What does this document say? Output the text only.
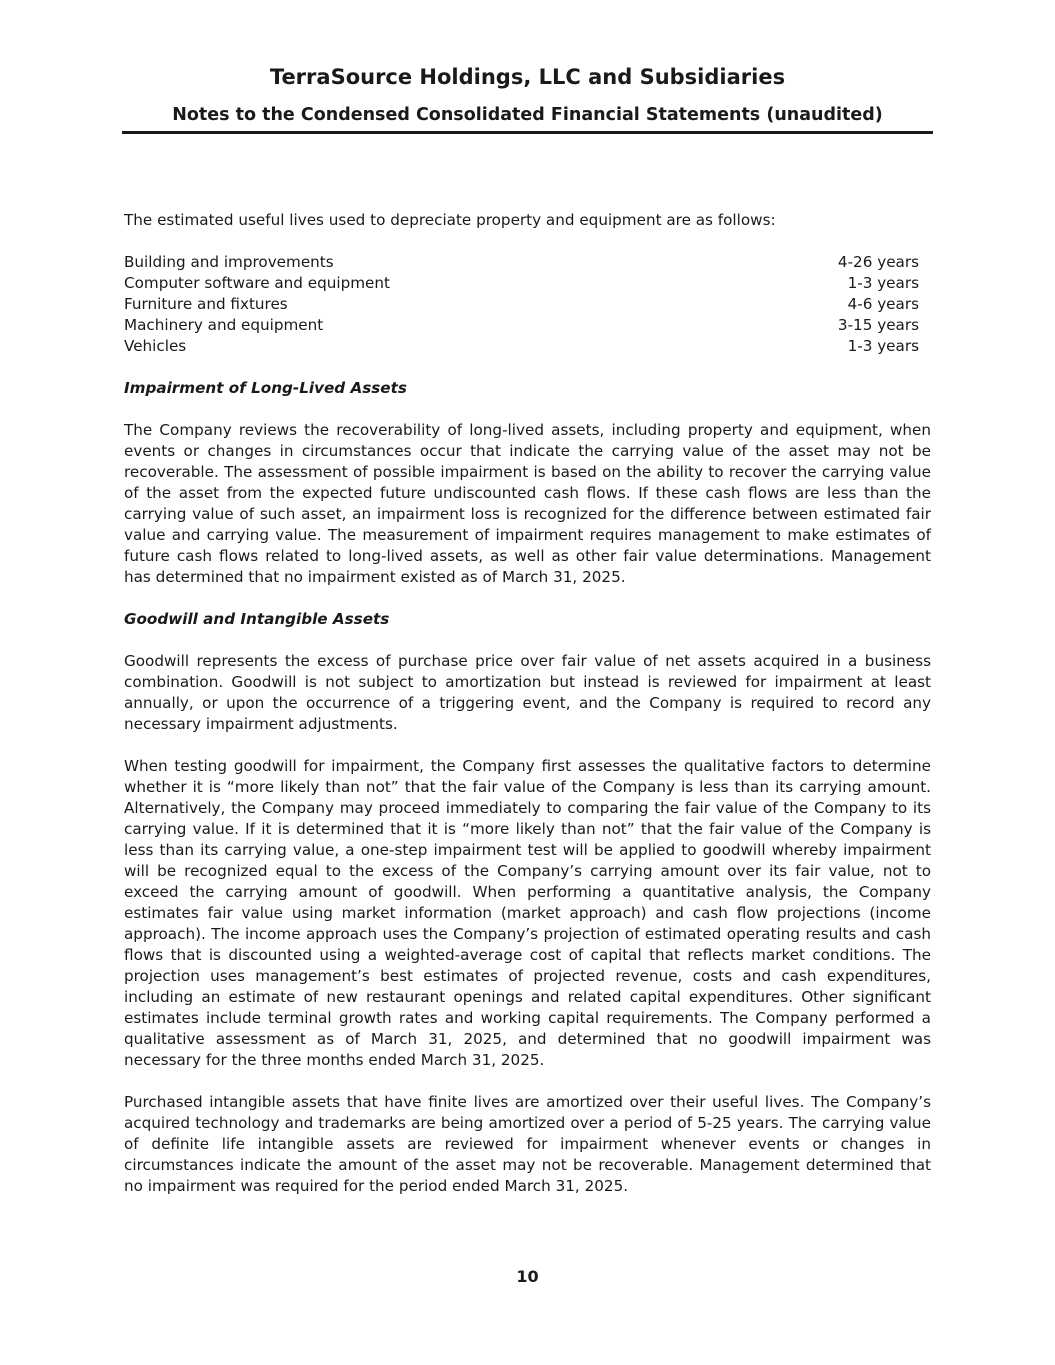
TerraSource Holdings, LLC and Subsidiaries
Notes to the Condensed Consolidated Financial Statements (unaudited)

The estimated useful lives used to depreciate property and equipment are as follows:

Building and improvements	4-26 years
Computer software and equipment	1-3 years
Furniture and fixtures	4-6 years
Machinery and equipment	3-15 years
Vehicles	1-3 years
Impairment of Long-Lived Assets

The Company reviews the recoverability of long-lived assets, including property and equipment, when events or changes in circumstances occur that indicate the carrying value of the asset may not be recoverable. The assessment of possible impairment is based on the ability to recover the carrying value of the asset from the expected future undiscounted cash flows. If these cash flows are less than the carrying value of such asset, an impairment loss is recognized for the difference between estimated fair value and carrying value. The measurement of impairment requires management to make estimates of future cash flows related to long-lived assets, as well as other fair value determinations. Management has determined that no impairment existed as of March 31, 2025.

Goodwill and Intangible Assets

Goodwill represents the excess of purchase price over fair value of net assets acquired in a business combination. Goodwill is not subject to amortization but instead is reviewed for impairment at least annually, or upon the occurrence of a triggering event, and the Company is required to record any necessary impairment adjustments.

When testing goodwill for impairment, the Company first assesses the qualitative factors to determine whether it is “more likely than not” that the fair value of the Company is less than its carrying amount. Alternatively, the Company may proceed immediately to comparing the fair value of the Company to its carrying value. If it is determined that it is “more likely than not” that the fair value of the Company is less than its carrying value, a one-step impairment test will be applied to goodwill whereby impairment will be recognized equal to the excess of the Company’s carrying amount over its fair value, not to exceed the carrying amount of goodwill. When performing a quantitative analysis, the Company estimates fair value using market information (market approach) and cash flow projections (income approach). The income approach uses the Company’s projection of estimated operating results and cash flows that is discounted using a weighted-average cost of capital that reflects market conditions. The projection uses management’s best estimates of projected revenue, costs and cash expenditures, including an estimate of new restaurant openings and related capital expenditures. Other significant estimates include terminal growth rates and working capital requirements. The Company performed a qualitative assessment as of March 31, 2025, and determined that no goodwill impairment was necessary for the three months ended March 31, 2025.

Purchased intangible assets that have finite lives are amortized over their useful lives. The Company’s acquired technology and trademarks are being amortized over a period of 5-25 years. The carrying value of definite life intangible assets are reviewed for impairment whenever events or changes in circumstances indicate the amount of the asset may not be recoverable. Management determined that no impairment was required for the period ended March 31, 2025.

10
